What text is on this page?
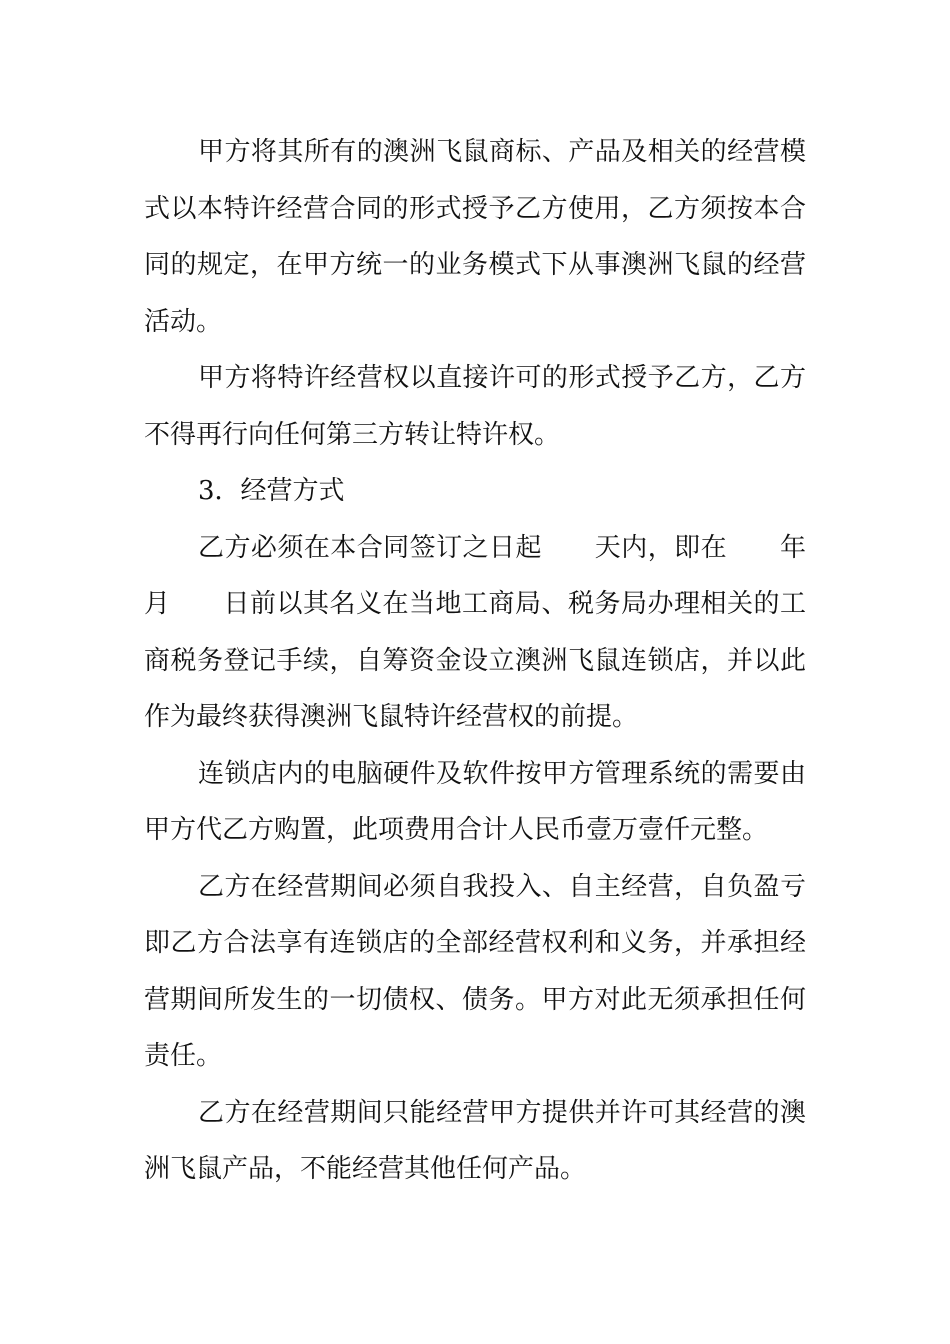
甲方将其所有的澳洲飞鼠商标、产品及相关的经营模
式以本特许经营合同的形式授予乙方使用，乙方须按本合
同的规定，在甲方统一的业务模式下从事澳洲飞鼠的经营
活动。
甲方将特许经营权以直接许可的形式授予乙方，乙方
不得再行向任何第三方转让特许权。
3．经营方式
乙方必须在本合同签订之日起　　天内，即在　　年
月　　日前以其名义在当地工商局、税务局办理相关的工
商税务登记手续，自筹资金设立澳洲飞鼠连锁店，并以此
作为最终获得澳洲飞鼠特许经营权的前提。
连锁店内的电脑硬件及软件按甲方管理系统的需要由
甲方代乙方购置，此项费用合计人民币壹万壹仟元整。
乙方在经营期间必须自我投入、自主经营，自负盈亏
即乙方合法享有连锁店的全部经营权利和义务，并承担经
营期间所发生的一切债权、债务。甲方对此无须承担任何
责任。
乙方在经营期间只能经营甲方提供并许可其经营的澳
洲飞鼠产品，不能经营其他任何产品。
